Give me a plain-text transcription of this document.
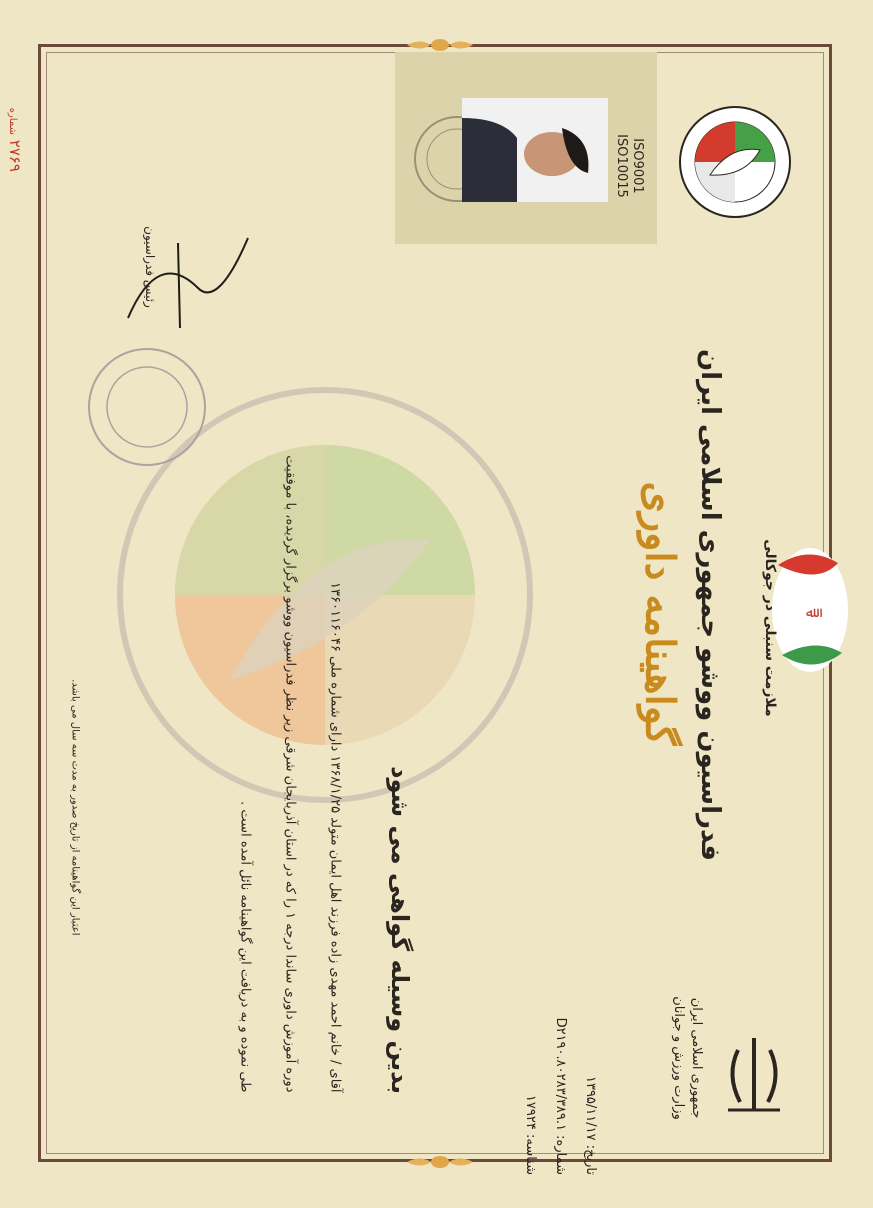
۲۷۶۹ شماره
ISO9001
ISO10015
ﷲ
جمهوری اسلامی ایران
وزارت ورزش و جوانان
ملازمت سنبلی در جوکالی
فدراسیون ووشو جمهوری اسلامی ایران
گواهینامه داوری
تاریخ: ۱۳۹۵/۱۱/۱۷
شماره: D۲۱۹۰.۸۰۲۸۳/۳۸۹.۱
شناسه: ۱۷۹۲۴
بدین وسیله گواهی می شود
آقای / خانم احمد مهدی زاده فرزند اهل ایمان متولد ۱۳۶۸/۱/۲۵ دارای شماره ملی ۱۳۶۰۱۱۶۰۴۶
دوره آموزش داوری ساندا درجه ۱ را که در استان آذربایجان شرقی زیر نظر فدراسیون ووشو برگزار گردیده، با موفقیت
طی نموده و به دریافت این گواهینامه نائل آمده است .
رئیس فدراسیون
اعتبار این گواهینامه از تاریخ صدور به مدت سه سال می باشد.
